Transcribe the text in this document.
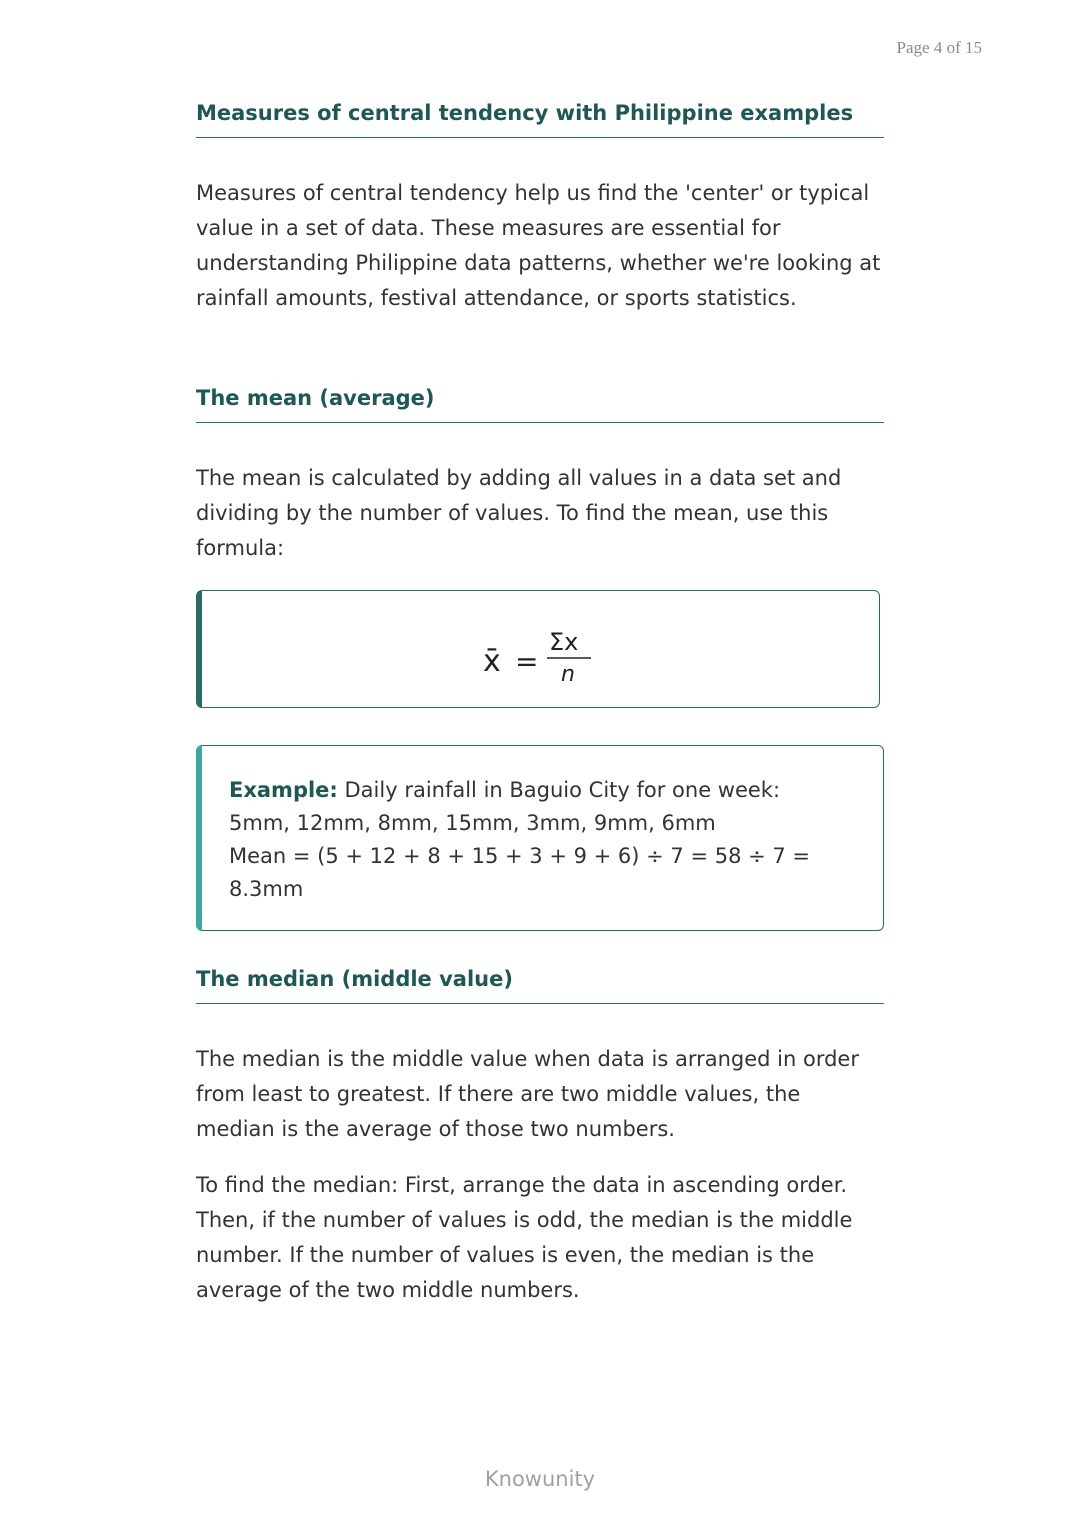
Page 4 of 15
Measures of central tendency with Philippine examples

Measures of central tendency help us find the 'center' or typical value in a set of data. These measures are essential for understanding Philippine data patterns, whether we're looking at rainfall amounts, festival attendance, or sports statistics.

The mean (average)

The mean is calculated by adding all values in a data set and dividing by the number of values. To find the mean, use this formula:

x̄ =
Σx
n

Example: Daily rainfall in Baguio City for one week:

5mm, 12mm, 8mm, 15mm, 3mm, 9mm, 6mm

Mean = (5 + 12 + 8 + 15 + 3 + 9 + 6) ÷ 7 = 58 ÷ 7 =

8.3mm

The median (middle value)

The median is the middle value when data is arranged in order from least to greatest. If there are two middle values, the median is the average of those two numbers.

To find the median: First, arrange the data in ascending order. Then, if the number of values is odd, the median is the middle number. If the number of values is even, the median is the average of the two middle numbers.

Knowunity
